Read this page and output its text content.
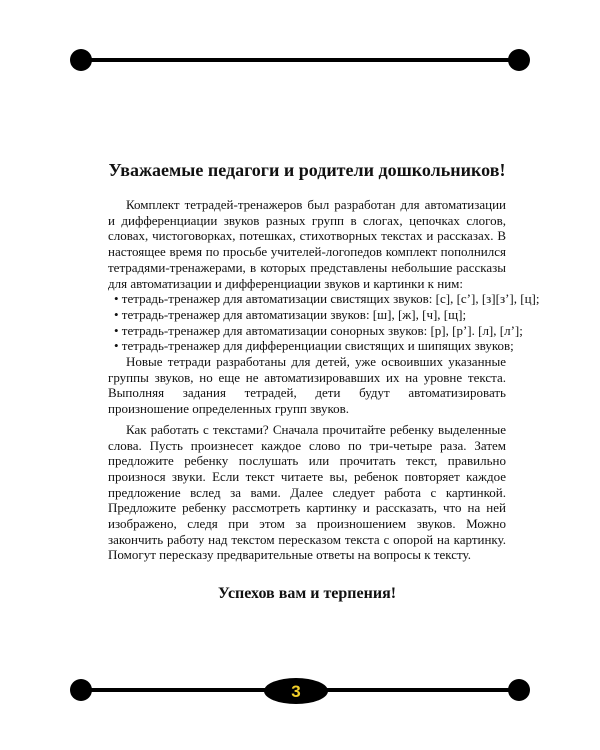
Уважаемые педагоги и родители дошкольников!

Комплект тетрадей-тренажеров был разработан для автоматизации и дифференциации звуков разных групп в слогах, цепочках слогов, словах, чистоговорках, потешках, стихотворных текстах и рассказах. В настоящее время по просьбе учителей-логопедов комплект пополнился тетрадями-тренажерами, в которых представлены небольшие рассказы для автоматизации и дифференциации звуков и картинки к ним:

• тетрадь-тренажер для автоматизации свистящих звуков: [с], [с’], [з][з’], [ц];
• тетрадь-тренажер для автоматизации звуков: [ш], [ж], [ч], [щ];
• тетрадь-тренажер для автоматизации сонорных звуков: [р], [р’]. [л], [л’];
• тетрадь-тренажер для дифференциации свистящих и шипящих звуков;

Новые тетради разработаны для детей, уже освоивших указанные группы звуков, но еще не автоматизировавших их на уровне текста. Выполняя задания тетрадей, дети будут автоматизировать произношение определенных групп звуков.

Как работать с текстами? Сначала прочитайте ребенку выделенные слова. Пусть произнесет каждое слово по три-четыре раза. Затем предложите ребенку послушать или прочитать текст, правильно произнося звуки. Если текст читаете вы, ребенок повторяет каждое предложение вслед за вами. Далее следует работа с картинкой. Предложите ребенку рассмотреть картинку и рассказать, что на ней изображено, следя при этом за произношением звуков. Можно закончить работу над текстом пересказом текста с опорой на картинку. Помогут пересказу предварительные ответы на вопросы к тексту.

Успехов вам и терпения!
3
